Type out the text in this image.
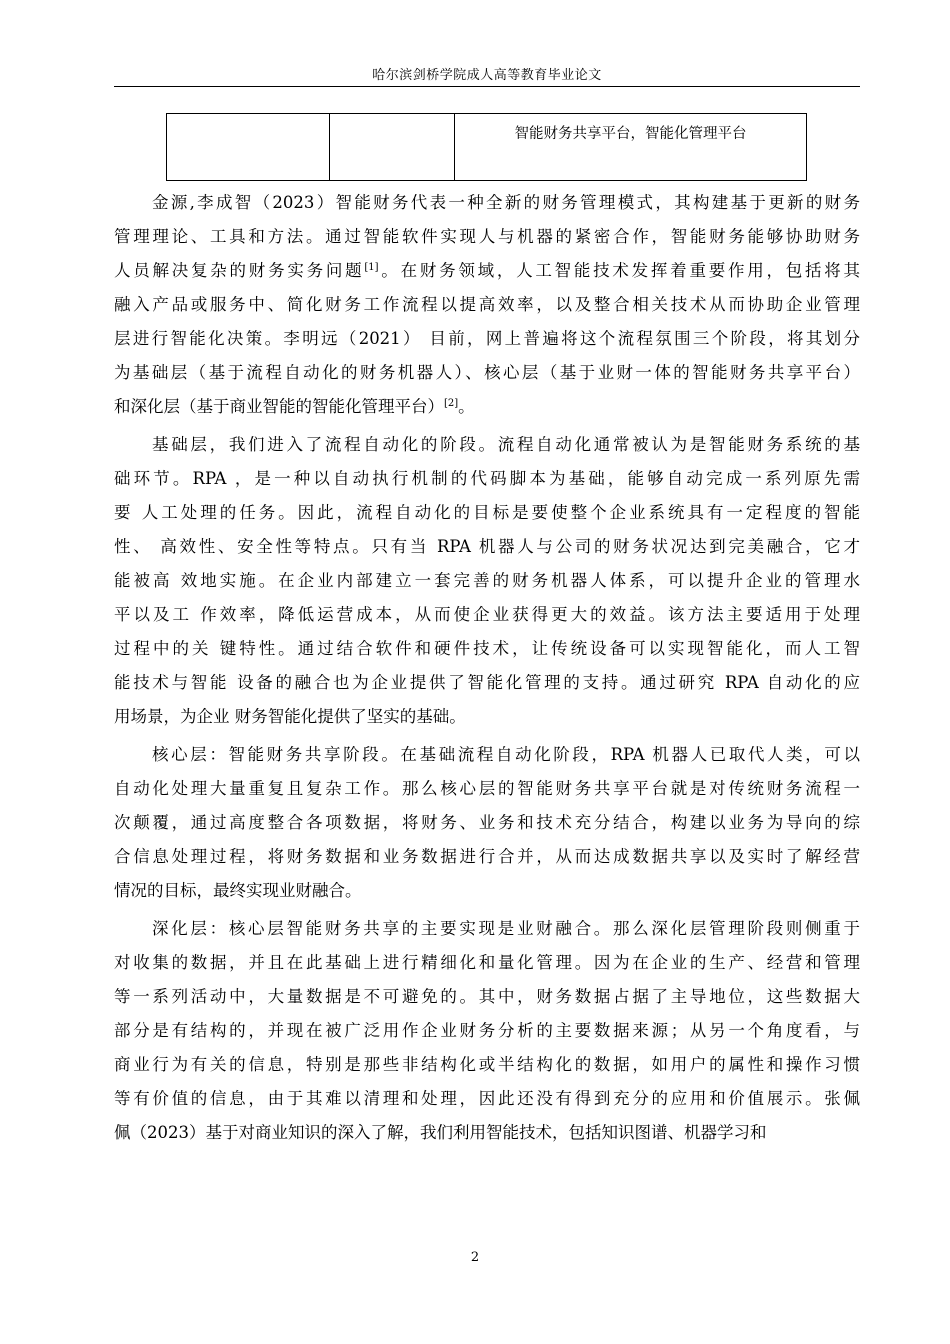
哈尔滨剑桥学院成人高等教育毕业论文
		智能财务共享平台，智能化管理平台
金源,李成智（2023）智能财务代表一种全新的财务管理模式，其构建基于更新的财务
管理理论、工具和方法。通过智能软件实现人与机器的紧密合作，智能财务能够协助财务
人员解决复杂的财务实务问题[1]。在财务领域，人工智能技术发挥着重要作用，包括将其
融入产品或服务中、简化财务工作流程以提高效率，以及整合相关技术从而协助企业管理
层进行智能化决策。李明远（2021） 目前，网上普遍将这个流程氛围三个阶段，将其划分
为基础层（基于流程自动化的财务机器人）、核心层（基于业财一体的智能财务共享平台）
和深化层（基于商业智能的智能化管理平台）[2]。
基础层，我们进入了流程自动化的阶段。流程自动化通常被认为是智能财务系统的基
础环节。RPA ，是一种以自动执行机制的代码脚本为基础，能够自动完成一系列原先需
要 人工处理的任务。因此，流程自动化的目标是要使整个企业系统具有一定程度的智能
性、 高效性、安全性等特点。只有当 RPA 机器人与公司的财务状况达到完美融合，它才
能被高 效地实施。在企业内部建立一套完善的财务机器人体系，可以提升企业的管理水
平以及工 作效率，降低运营成本，从而使企业获得更大的效益。该方法主要适用于处理
过程中的关 键特性。通过结合软件和硬件技术，让传统设备可以实现智能化，而人工智
能技术与智能 设备的融合也为企业提供了智能化管理的支持。通过研究 RPA 自动化的应
用场景，为企业 财务智能化提供了坚实的基础。
核心层：智能财务共享阶段。在基础流程自动化阶段，RPA 机器人已取代人类，可以
自动化处理大量重复且复杂工作。那么核心层的智能财务共享平台就是对传统财务流程一
次颠覆，通过高度整合各项数据，将财务、业务和技术充分结合，构建以业务为导向的综
合信息处理过程，将财务数据和业务数据进行合并，从而达成数据共享以及实时了解经营
情况的目标，最终实现业财融合。
深化层：核心层智能财务共享的主要实现是业财融合。那么深化层管理阶段则侧重于
对收集的数据，并且在此基础上进行精细化和量化管理。因为在企业的生产、经营和管理
等一系列活动中，大量数据是不可避免的。其中，财务数据占据了主导地位，这些数据大
部分是有结构的，并现在被广泛用作企业财务分析的主要数据来源；从另一个角度看，与
商业行为有关的信息，特别是那些非结构化或半结构化的数据，如用户的属性和操作习惯
等有价值的信息，由于其难以清理和处理，因此还没有得到充分的应用和价值展示。张佩
佩（2023）基于对商业知识的深入了解，我们利用智能技术，包括知识图谱、机器学习和
2
